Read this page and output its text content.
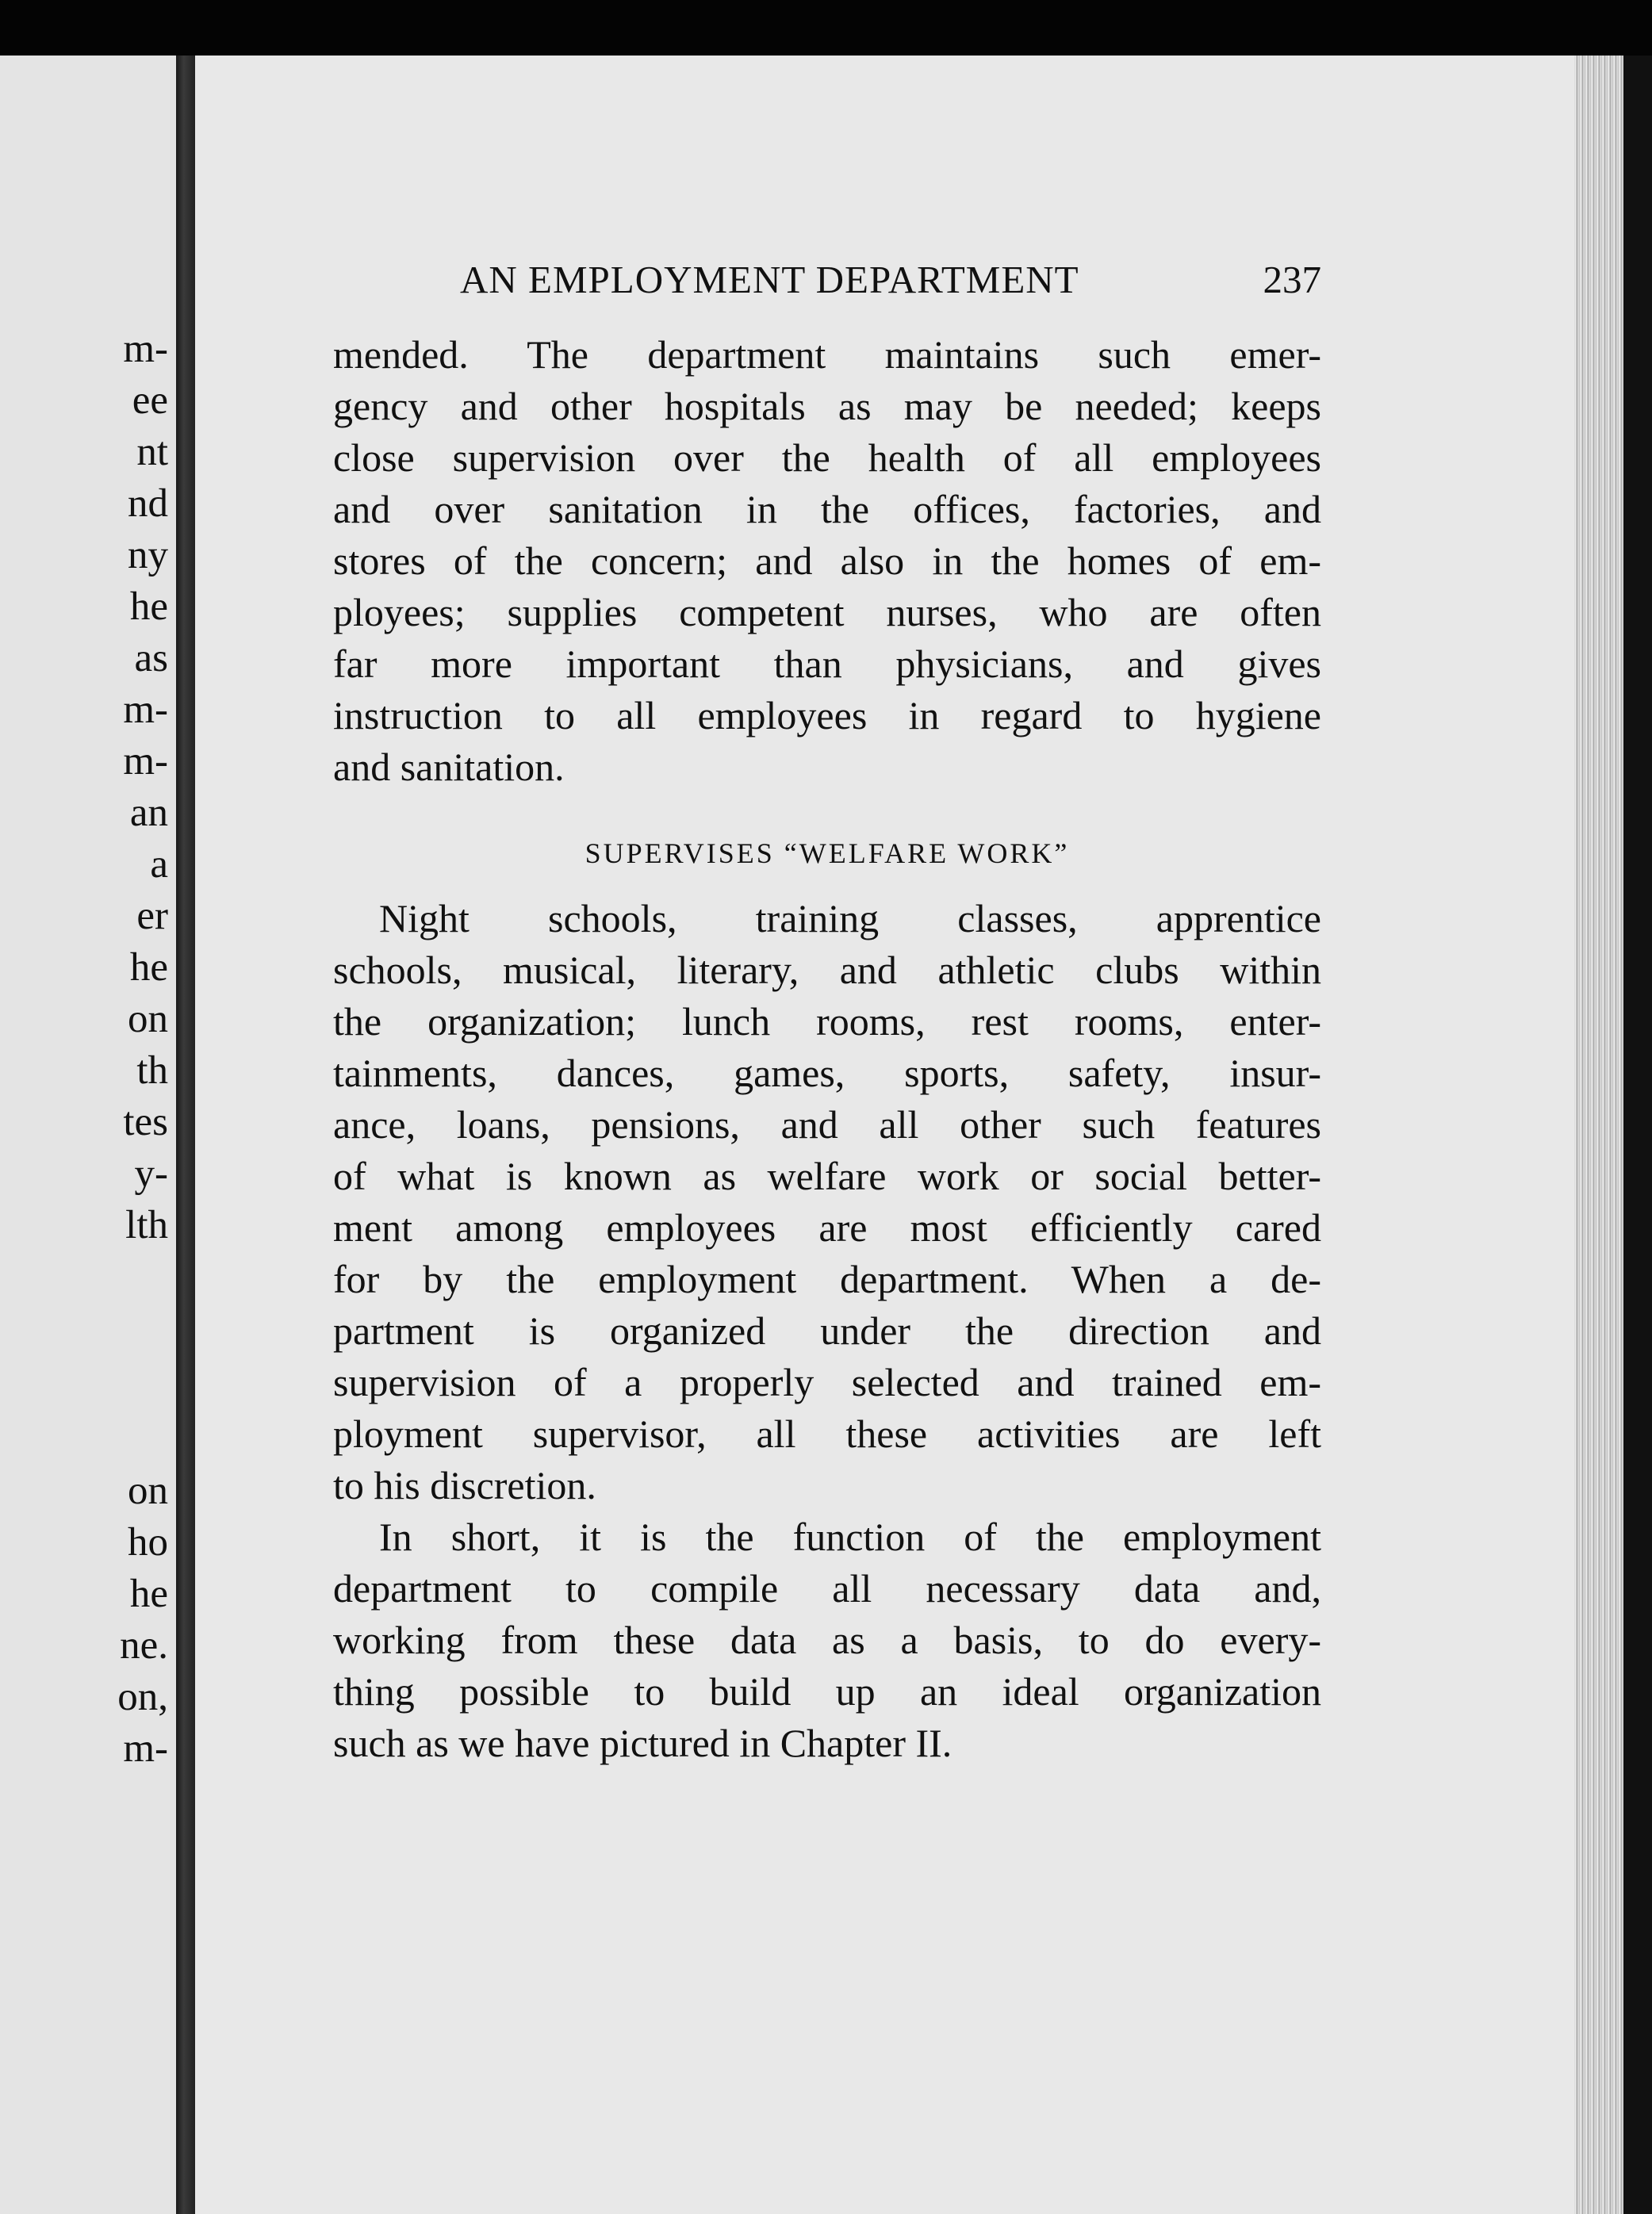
m-
ee
nt
nd
ny
he
as
m-
m-
an
a
er
he
on
th
tes
y-
lth
on
ho
he
ne.
on,
m-
AN EMPLOYMENT DEPARTMENT	237
mended. The department maintains such emer-
gency and other hospitals as may be needed; keeps
close supervision over the health of all employees
and over sanitation in the offices, factories, and
stores of the concern; and also in the homes of em-
ployees; supplies competent nurses, who are often
far more important than physicians, and gives
instruction to all employees in regard to hygiene
and sanitation.
SUPERVISES “WELFARE WORK”
Night schools, training classes, apprentice
schools, musical, literary, and athletic clubs within
the organization; lunch rooms, rest rooms, enter-
tainments, dances, games, sports, safety, insur-
ance, loans, pensions, and all other such features
of what is known as welfare work or social better-
ment among employees are most efficiently cared
for by the employment department. When a de-
partment is organized under the direction and
supervision of a properly selected and trained em-
ployment supervisor, all these activities are left
to his discretion.
In short, it is the function of the employment
department to compile all necessary data and,
working from these data as a basis, to do every-
thing possible to build up an ideal organization
such as we have pictured in Chapter II.
